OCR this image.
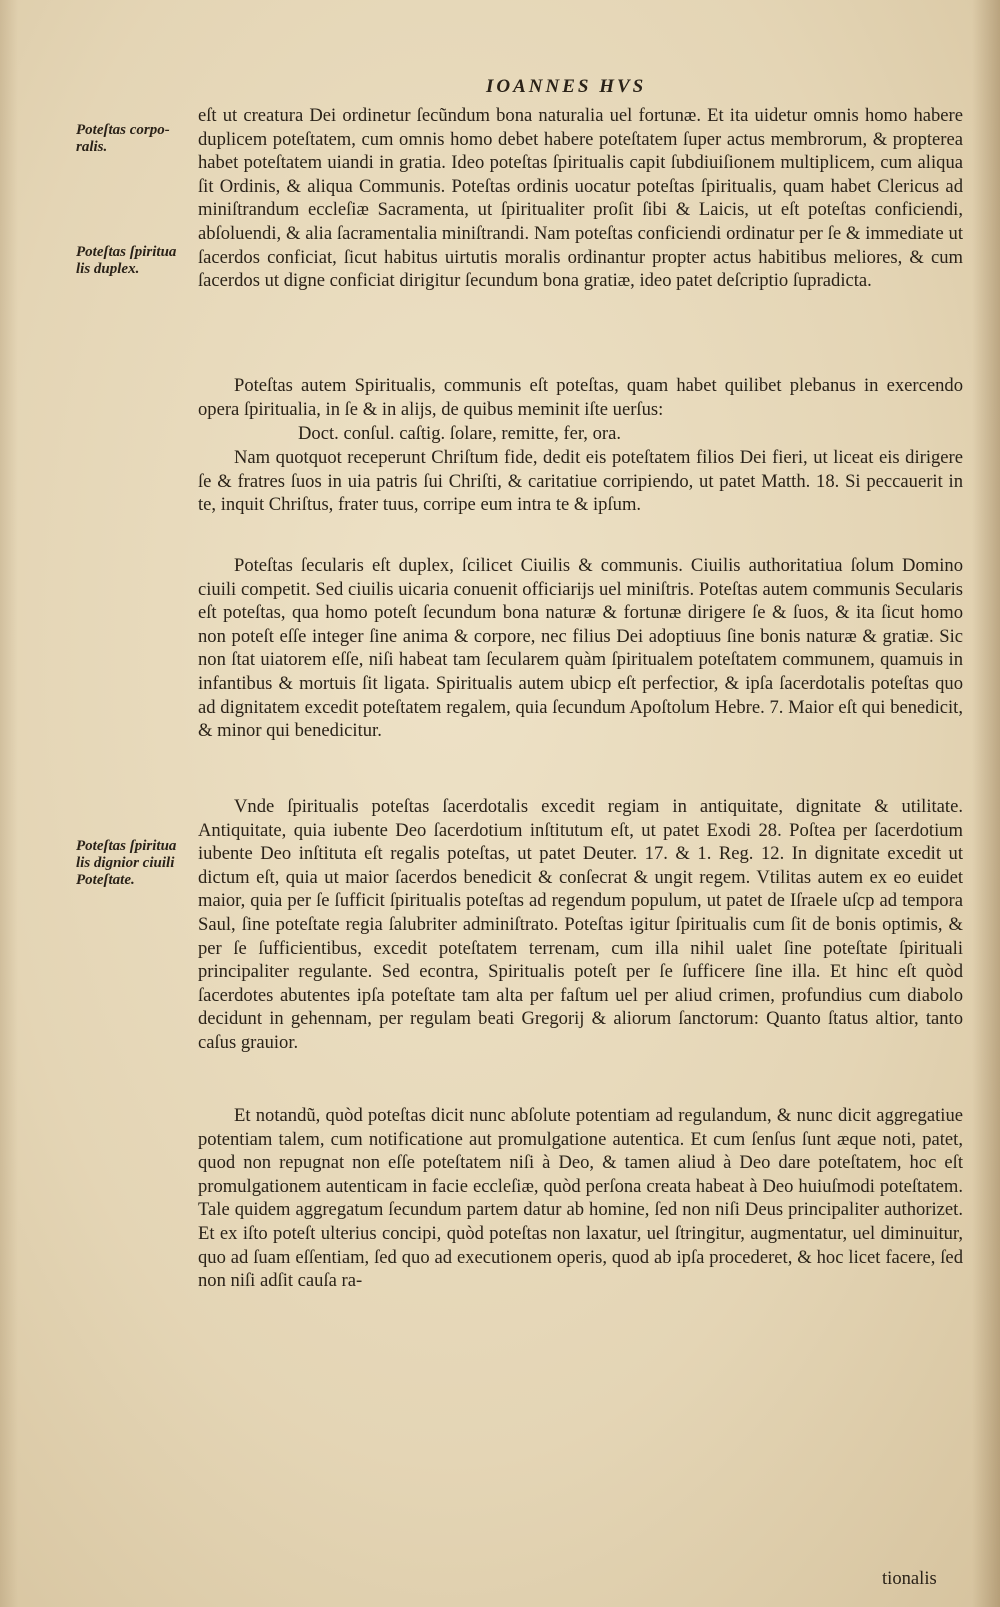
IOANNES HVS
Poteſtas corporalis.
Poteſtas ſpiritua lis duplex.
Poteſtas ſpiritua lis dignior ciuili Poteſtate.

eſt ut creatura Dei ordinetur ſecũndum bona naturalia uel fortunæ. Et ita uidetur omnis homo habere duplicem poteſtatem, cum omnis homo debet habere poteſtatem ſuper actus membrorum, & propterea habet poteſtatem uiandi in gratia. Ideo poteſtas ſpiritualis capit ſubdiuiſionem multiplicem, cum aliqua ſit Ordinis, & aliqua Communis. Poteſtas ordinis uocatur poteſtas ſpiritualis, quam habet Clericus ad miniſtrandum eccleſiæ Sacramenta, ut ſpiritualiter proſit ſibi & Laicis, ut eſt poteſtas conficiendi, abſoluendi, & alia ſacramentalia miniſtrandi. Nam poteſtas conficiendi ordinatur per ſe & immediate ut ſacerdos conficiat, ſicut habitus uirtutis moralis ordinantur propter actus habitibus meliores, & cum ſacerdos ut digne conficiat dirigitur ſecundum bona gratiæ, ideo patet deſcriptio ſupradicta.

Poteſtas autem Spiritualis, communis eſt poteſtas, quam habet quilibet plebanus in exercendo opera ſpiritualia, in ſe & in alijs, de quibus meminit iſte uerſus:

Doct. conſul. caſtig. ſolare, remitte, fer, ora.

Nam quotquot receperunt Chriſtum fide, dedit eis poteſtatem filios Dei fieri, ut liceat eis dirigere ſe & fratres ſuos in uia patris ſui Chriſti, & caritatiue corripiendo, ut patet Matth. 18. Si peccauerit in te, inquit Chriſtus, frater tuus, corripe eum intra te & ipſum.

Poteſtas ſecularis eſt duplex, ſcilicet Ciuilis & communis. Ciuilis authoritatiua ſolum Domino ciuili competit. Sed ciuilis uicaria conuenit officiarijs uel miniſtris. Poteſtas autem communis Secularis eſt poteſtas, qua homo poteſt ſecundum bona naturæ & fortunæ dirigere ſe & ſuos, & ita ſicut homo non poteſt eſſe integer ſine anima & corpore, nec filius Dei adoptiuus ſine bonis naturæ & gratiæ. Sic non ſtat uiatorem eſſe, niſi habeat tam ſecularem quàm ſpiritualem poteſtatem communem, quamuis in infantibus & mortuis ſit ligata. Spiritualis autem ubicp eſt perfectior, & ipſa ſacerdotalis poteſtas quo ad dignitatem excedit poteſtatem regalem, quia ſecundum Apoſtolum Hebre. 7. Maior eſt qui benedicit, & minor qui benedicitur.

Vnde ſpiritualis poteſtas ſacerdotalis excedit regiam in antiquitate, dignitate & utilitate. Antiquitate, quia iubente Deo ſacerdotium inſtitutum eſt, ut patet Exodi 28. Poſtea per ſacerdotium iubente Deo inſtituta eſt regalis poteſtas, ut patet Deuter. 17. & 1. Reg. 12. In dignitate excedit ut dictum eſt, quia ut maior ſacerdos benedicit & conſecrat & ungit regem. Vtilitas autem ex eo euidet maior, quia per ſe ſufficit ſpiritualis poteſtas ad regendum populum, ut patet de Iſraele uſcp ad tempora Saul, ſine poteſtate regia ſalubriter adminiſtrato. Poteſtas igitur ſpiritualis cum ſit de bonis optimis, & per ſe ſufficientibus, excedit poteſtatem terrenam, cum illa nihil ualet ſine poteſtate ſpirituali principaliter regulante. Sed econtra, Spiritualis poteſt per ſe ſufficere ſine illa. Et hinc eſt quòd ſacerdotes abutentes ipſa poteſtate tam alta per faſtum uel per aliud crimen, profundius cum diabolo decidunt in gehennam, per regulam beati Gregorij & aliorum ſanctorum: Quanto ſtatus altior, tanto caſus grauior.

Et notandũ, quòd poteſtas dicit nunc abſolute potentiam ad regulandum, & nunc dicit aggregatiue potentiam talem, cum notificatione aut promulgatione autentica. Et cum ſenſus ſunt æque noti, patet, quod non repugnat non eſſe poteſtatem niſi à Deo, & tamen aliud à Deo dare poteſtatem, hoc eſt promulgationem autenticam in facie eccleſiæ, quòd perſona creata habeat à Deo huiuſmodi poteſtatem. Tale quidem aggregatum ſecundum partem datur ab homine, ſed non niſi Deus principaliter authorizet. Et ex iſto poteſt ulterius concipi, quòd poteſtas non laxatur, uel ſtringitur, augmentatur, uel diminuitur, quo ad ſuam eſſentiam, ſed quo ad executionem operis, quod ab ipſa procederet, & hoc licet facere, ſed non niſi adſit cauſa ra-

tionalis
